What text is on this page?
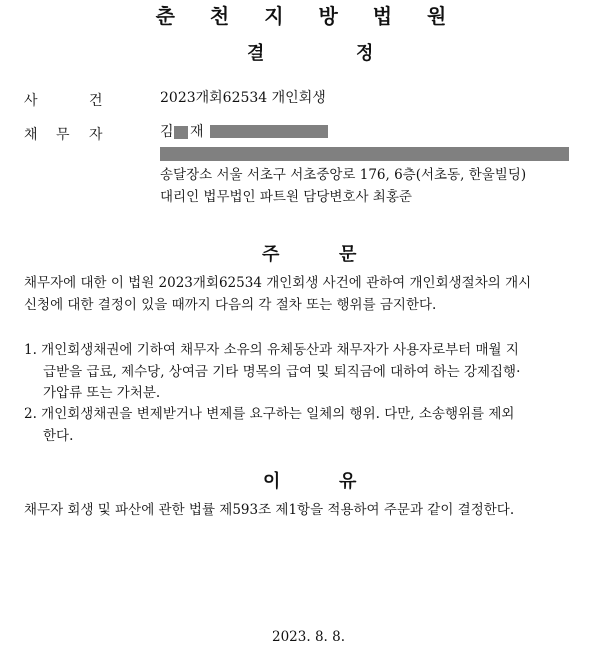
춘 천 지 방 법 원
결	정
사	건	2023개회62534 개인회생
채 무 자	김 재
송달장소 서울 서초구 서초중앙로 176, 6층(서초동, 한울빌딩)
대리인 법무법인 파트원 담당변호사 최홍준
주	문
채무자에 대한 이 법원 2023개회62534 개인회생 사건에 관하여 개인회생절차의 개시
신청에 대한 결정이 있을 때까지 다음의 각 절차 또는 행위를 금지한다.
1. 개인회생채권에 기하여 채무자 소유의 유체동산과 채무자가 사용자로부터 매월 지
급받을 급료, 제수당, 상여금 기타 명목의 급여 및 퇴직금에 대하여 하는 강제집행·
가압류 또는 가처분.
2. 개인회생채권을 변제받거나 변제를 요구하는 일체의 행위. 다만, 소송행위를 제외
한다.
이	유
채무자 회생 및 파산에 관한 법률 제593조 제1항을 적용하여 주문과 같이 결정한다.
2023. 8. 8.
